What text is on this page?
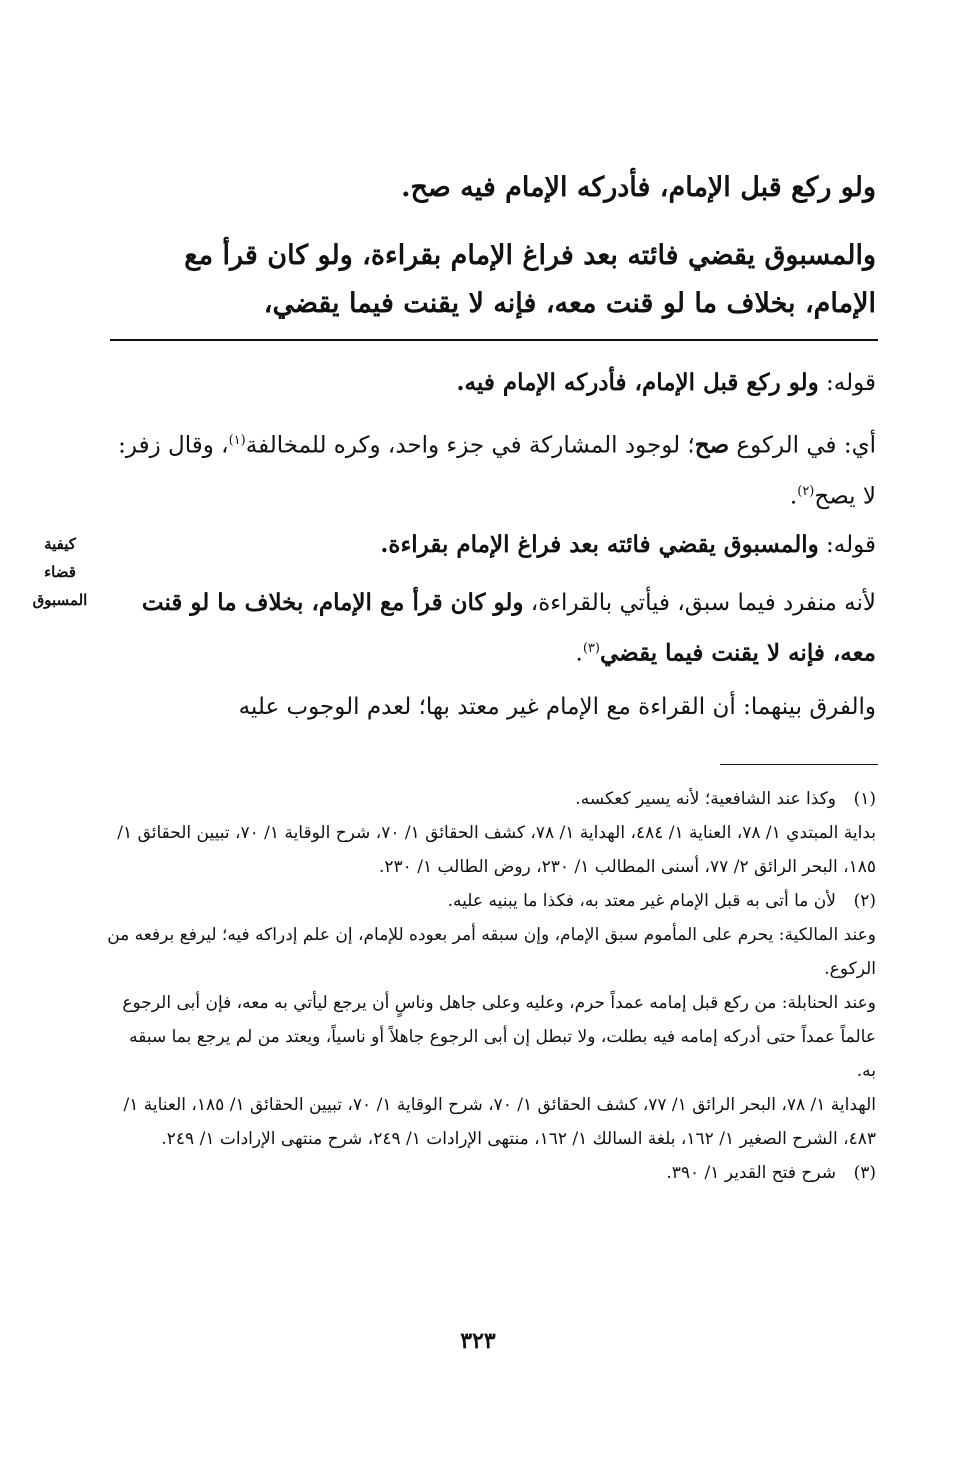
ولو ركع قبل الإمام، فأدركه الإمام فيه صح.

والمسبوق يقضي فائته بعد فراغ الإمام بقراءة، ولو كان قرأ مع الإمام، بخلاف ما لو قنت معه، فإنه لا يقنت فيما يقضي،

قوله: ولو ركع قبل الإمام، فأدركه الإمام فيه.

أي: في الركوع صح؛ لوجود المشاركة في جزء واحد، وكره للمخالفة$^{(١)}$، وقال زفر: لا يصح$^{(٢)}$.

قوله: والمسبوق يقضي فائته بعد فراغ الإمام بقراءة.

لأنه منفرد فيما سبق، فيأتي بالقراءة، ولو كان قرأ مع الإمام، بخلاف ما لو قنت معه، فإنه لا يقنت فيما يقضي$^{(٣)}$.

والفرق بينهما: أن القراءة مع الإمام غير معتد بها؛ لعدم الوجوب عليه

كيفية
قضاء
المسبوق
(١)وكذا عند الشافعية؛ لأنه يسير كعكسه.
بداية المبتدي ١/ ٧٨، العناية ١/ ٤٨٤، الهداية ١/ ٧٨، كشف الحقائق ١/ ٧٠، شرح الوقاية ١/ ٧٠، تبيين الحقائق ١/ ١٨٥، البحر الرائق ٢/ ٧٧، أسنى المطالب ١/ ٢٣٠، روض الطالب ١/ ٢٣٠.
(٢)لأن ما أتى به قبل الإمام غير معتد به، فكذا ما يبنيه عليه.
وعند المالكية: يحرم على المأموم سبق الإمام، وإن سبقه أمر بعوده للإمام، إن علم إدراكه فيه؛ ليرفع برفعه من الركوع.
وعند الحنابلة: من ركع قبل إمامه عمداً حرم، وعليه وعلى جاهل وناسٍ أن يرجع ليأتي به معه، فإن أبى الرجوع عالماً عمداً حتى أدركه إمامه فيه بطلت، ولا تبطل إن أبى الرجوع جاهلاً أو ناسياً، ويعتد من لم يرجع بما سبقه به.
الهداية ١/ ٧٨، البحر الرائق ١/ ٧٧، كشف الحقائق ١/ ٧٠، شرح الوقاية ١/ ٧٠، تبيين الحقائق ١/ ١٨٥، العناية ١/ ٤٨٣، الشرح الصغير ١/ ١٦٢، بلغة السالك ١/ ١٦٢، منتهى الإرادات ١/ ٢٤٩، شرح منتهى الإرادات ١/ ٢٤٩.
(٣)شرح فتح القدير ١/ ٣٩٠.
٣٢٣
